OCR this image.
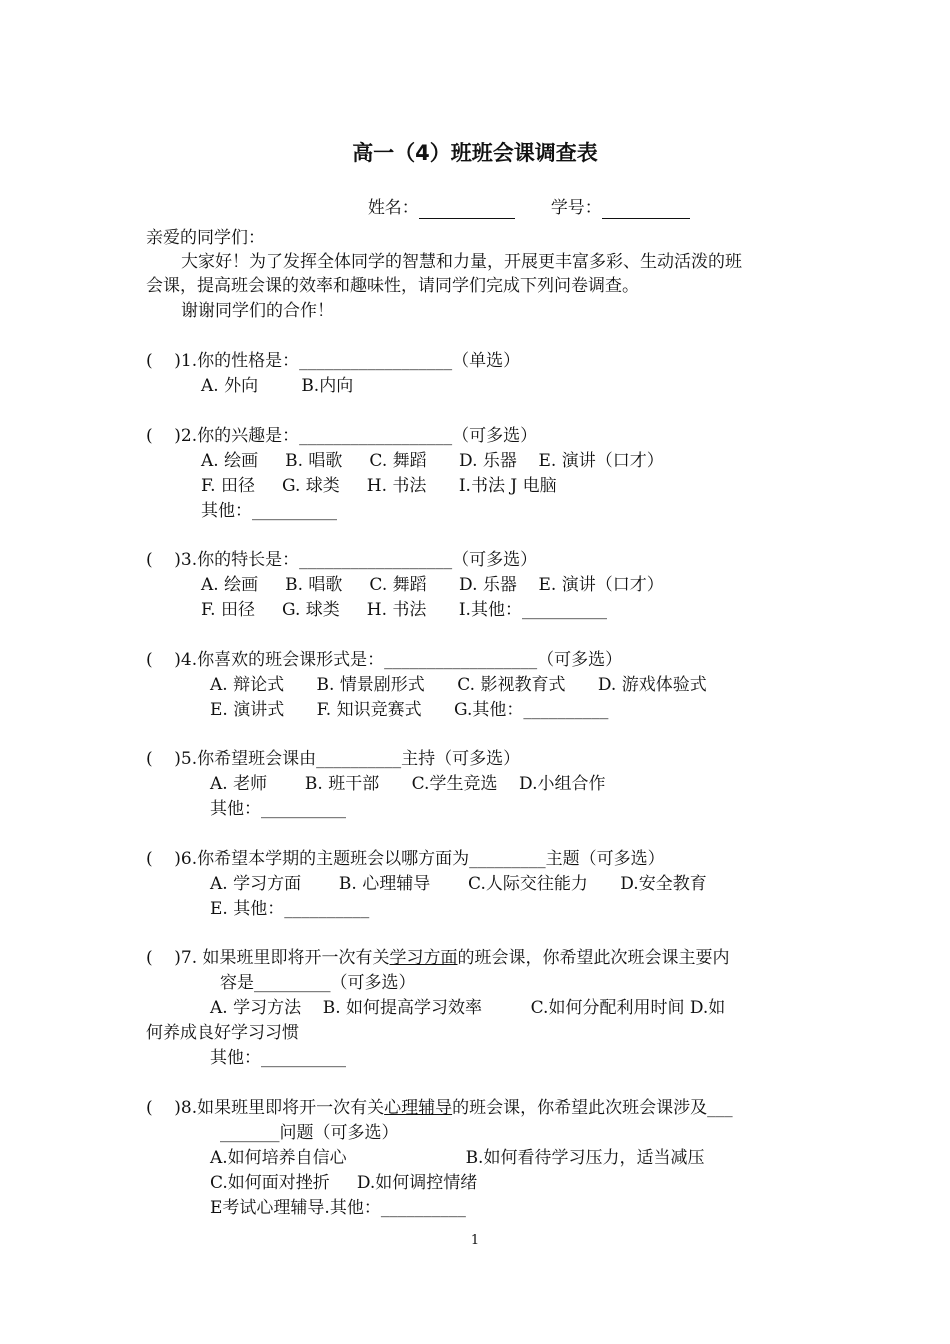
高一（4）班班会课调查表

姓名：	学号：

亲爱的同学们：
大家好！为了发挥全体同学的智慧和力量，开展更丰富多彩、生动活泼的班
会课，提高班会课的效率和趣味性，请同学们完成下列问卷调查。
谢谢同学们的合作！
(    )1.你的性格是：__________________（单选）
A. 外向        B.内向
(    )2.你的兴趣是：__________________（可多选）
A. 绘画     B. 唱歌     C. 舞蹈      D. 乐器    E. 演讲（口才）
F. 田径     G. 球类     H. 书法      I.书法 J 电脑
其他：__________
(    )3.你的特长是：__________________（可多选）
A. 绘画     B. 唱歌     C. 舞蹈      D. 乐器    E. 演讲（口才）
F. 田径     G. 球类     H. 书法      I.其他：__________
(    )4.你喜欢的班会课形式是：__________________（可多选）
A. 辩论式      B. 情景剧形式      C. 影视教育式      D. 游戏体验式
E. 演讲式      F. 知识竞赛式      G.其他：__________
(    )5.你希望班会课由__________主持（可多选）
A. 老师       B. 班干部      C.学生竞选    D.小组合作
其他：__________
(    )6.你希望本学期的主题班会以哪方面为_________主题（可多选）
A. 学习方面       B. 心理辅导       C.人际交往能力      D.安全教育
E. 其他：__________
(    )7. 如果班里即将开一次有关学习方面的班会课，你希望此次班会课主要内
容是_________（可多选）
A. 学习方法    B. 如何提高学习效率         C.如何分配利用时间 D.如
何养成良好学习习惯
其他：__________
(    )8.如果班里即将开一次有关心理辅导的班会课，你希望此次班会课涉及___
_______问题（可多选）
A.如何培养自信心                      B.如何看待学习压力，适当减压
C.如何面对挫折     D.如何调控情绪
E考试心理辅导.其他：__________
1
